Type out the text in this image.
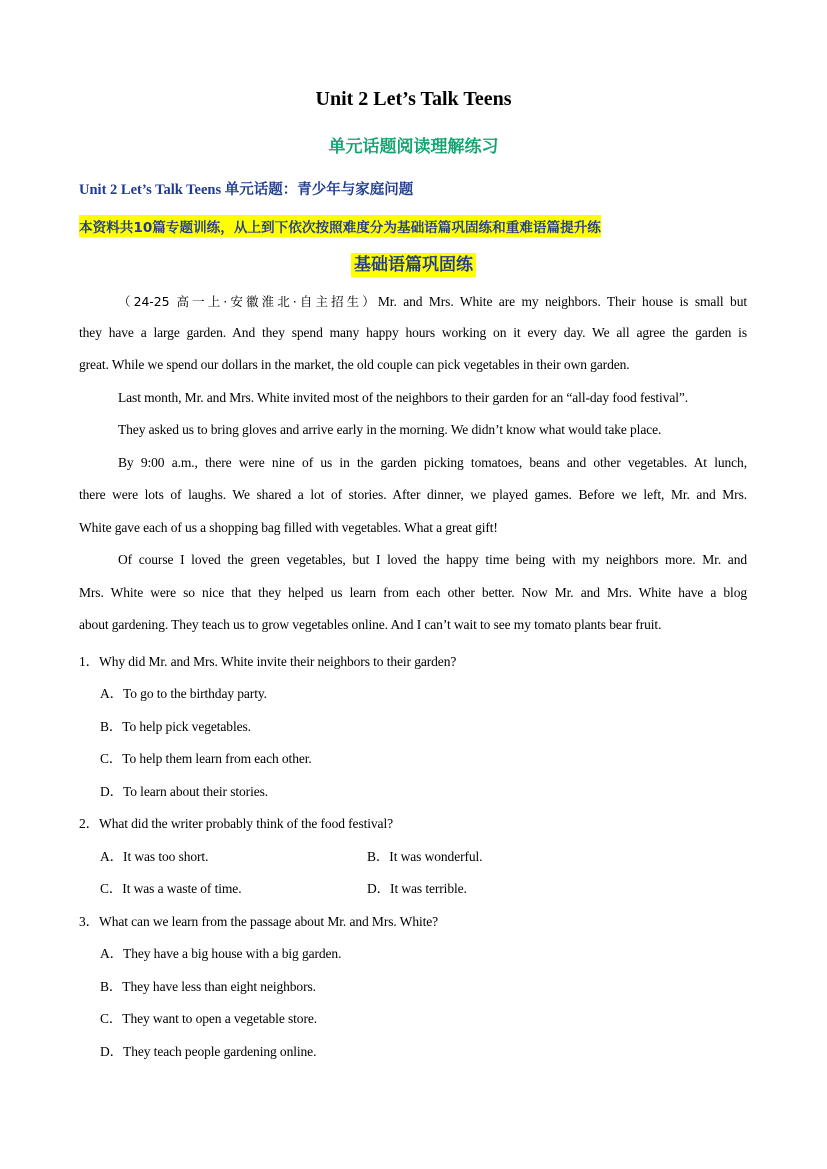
Unit 2 Let’s Talk Teens
单元话题阅读理解练习
Unit 2 Let’s Talk Teens 单元话题：青少年与家庭问题
本资料共10篇专题训练，从上到下依次按照难度分为基础语篇巩固练和重难语篇提升练
基础语篇巩固练
（24-25 高一上·安徽淮北·自主招生）Mr. and Mrs. White are my neighbors. Their house is small but
they have a large garden. And they spend many happy hours working on it every day. We all agree the garden is
great. While we spend our dollars in the market, the old couple can pick vegetables in their own garden.
Last month, Mr. and Mrs. White invited most of the neighbors to their garden for an “all-day food festival”.
They asked us to bring gloves and arrive early in the morning. We didn’t know what would take place.
By 9:00 a.m., there were nine of us in the garden picking tomatoes, beans and other vegetables. At lunch,
there were lots of laughs. We shared a lot of stories. After dinner, we played games. Before we left, Mr. and Mrs.
White gave each of us a shopping bag filled with vegetables. What a great gift!
Of course I loved the green vegetables, but I loved the happy time being with my neighbors more. Mr. and
Mrs. White were so nice that they helped us learn from each other better. Now Mr. and Mrs. White have a blog
about gardening. They teach us to grow vegetables online. And I can’t wait to see my tomato plants bear fruit.
1．Why did Mr. and Mrs. White invite their neighbors to their garden?
A．To go to the birthday party.
B．To help pick vegetables.
C．To help them learn from each other.
D．To learn about their stories.
2．What did the writer probably think of the food festival?
A．It was too short.	B．It was wonderful.
C．It was a waste of time.	D．It was terrible.
3．What can we learn from the passage about Mr. and Mrs. White?
A．They have a big house with a big garden.
B．They have less than eight neighbors.
C．They want to open a vegetable store.
D．They teach people gardening online.
